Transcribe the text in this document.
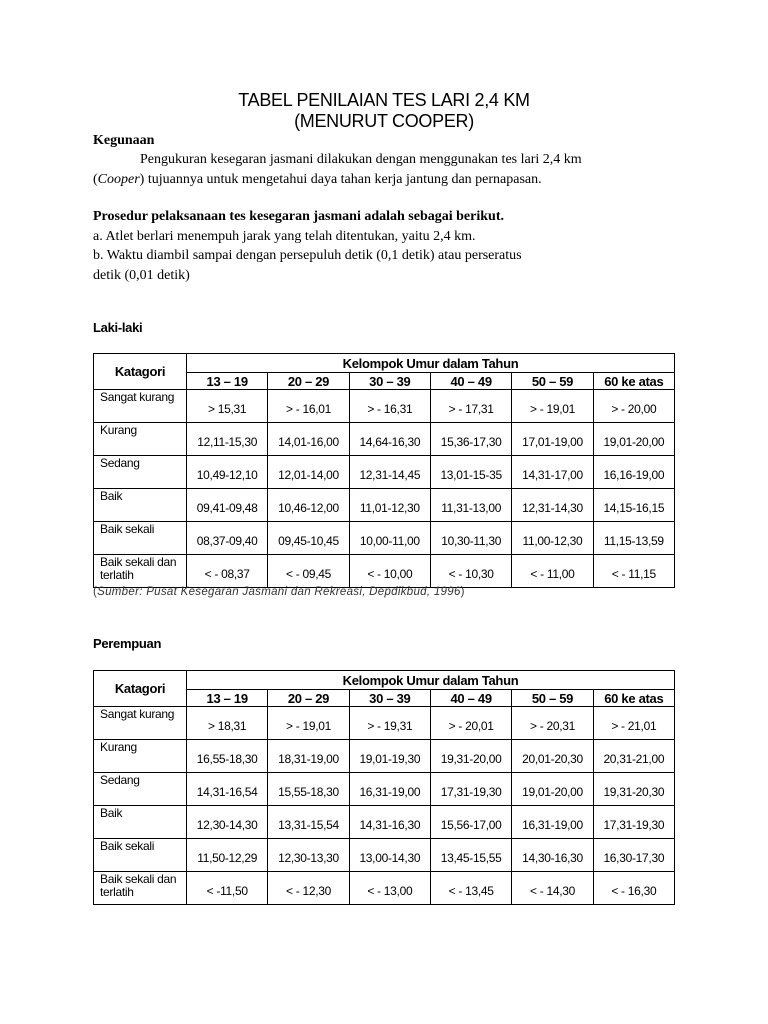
TABEL PENILAIAN TES LARI 2,4 KM
(MENURUT COOPER)
Kegunaan
Pengukuran kesegaran jasmani dilakukan dengan menggunakan tes lari 2,4 km
(Cooper) tujuannya untuk mengetahui daya tahan kerja jantung dan pernapasan.
Prosedur pelaksanaan tes kesegaran jasmani adalah sebagai berikut.
a. Atlet berlari menempuh jarak yang telah ditentukan, yaitu 2,4 km.
b. Waktu diambil sampai dengan persepuluh detik (0,1 detik) atau perseratus
detik (0,01 detik)
Laki-laki
Katagori	Kelompok Umur dalam Tahun					
	13 – 19	20 – 29	30 – 39	40 – 49	50 – 59	60 ke atas
Sangat kurang	> 15,31	> - 16,01	> - 16,31	> - 17,31	> - 19,01	> - 20,00
Kurang	12,11-15,30	14,01-16,00	14,64-16,30	15,36-17,30	17,01-19,00	19,01-20,00
Sedang	10,49-12,10	12,01-14,00	12,31-14,45	13,01-15-35	14,31-17,00	16,16-19,00
Baik	09,41-09,48	10,46-12,00	11,01-12,30	11,31-13,00	12,31-14,30	14,15-16,15
Baik sekali	08,37-09,40	09,45-10,45	10,00-11,00	10,30-11,30	11,00-12,30	11,15-13,59
Baik sekali dan terlatih	< - 08,37	< - 09,45	< - 10,00	< - 10,30	< - 11,00	< - 11,15
(Sumber: Pusat Kesegaran Jasmani dan Rekreasi, Depdikbud, 1996)
Perempuan
Katagori	Kelompok Umur dalam Tahun					
	13 – 19	20 – 29	30 – 39	40 – 49	50 – 59	60 ke atas
Sangat kurang	> 18,31	> - 19,01	> - 19,31	> - 20,01	> - 20,31	> - 21,01
Kurang	16,55-18,30	18,31-19,00	19,01-19,30	19,31-20,00	20,01-20,30	20,31-21,00
Sedang	14,31-16,54	15,55-18,30	16,31-19,00	17,31-19,30	19,01-20,00	19,31-20,30
Baik	12,30-14,30	13,31-15,54	14,31-16,30	15,56-17,00	16,31-19,00	17,31-19,30
Baik sekali	11,50-12,29	12,30-13,30	13,00-14,30	13,45-15,55	14,30-16,30	16,30-17,30
Baik sekali dan terlatih	< -11,50	< - 12,30	< - 13,00	< - 13,45	< - 14,30	< - 16,30
